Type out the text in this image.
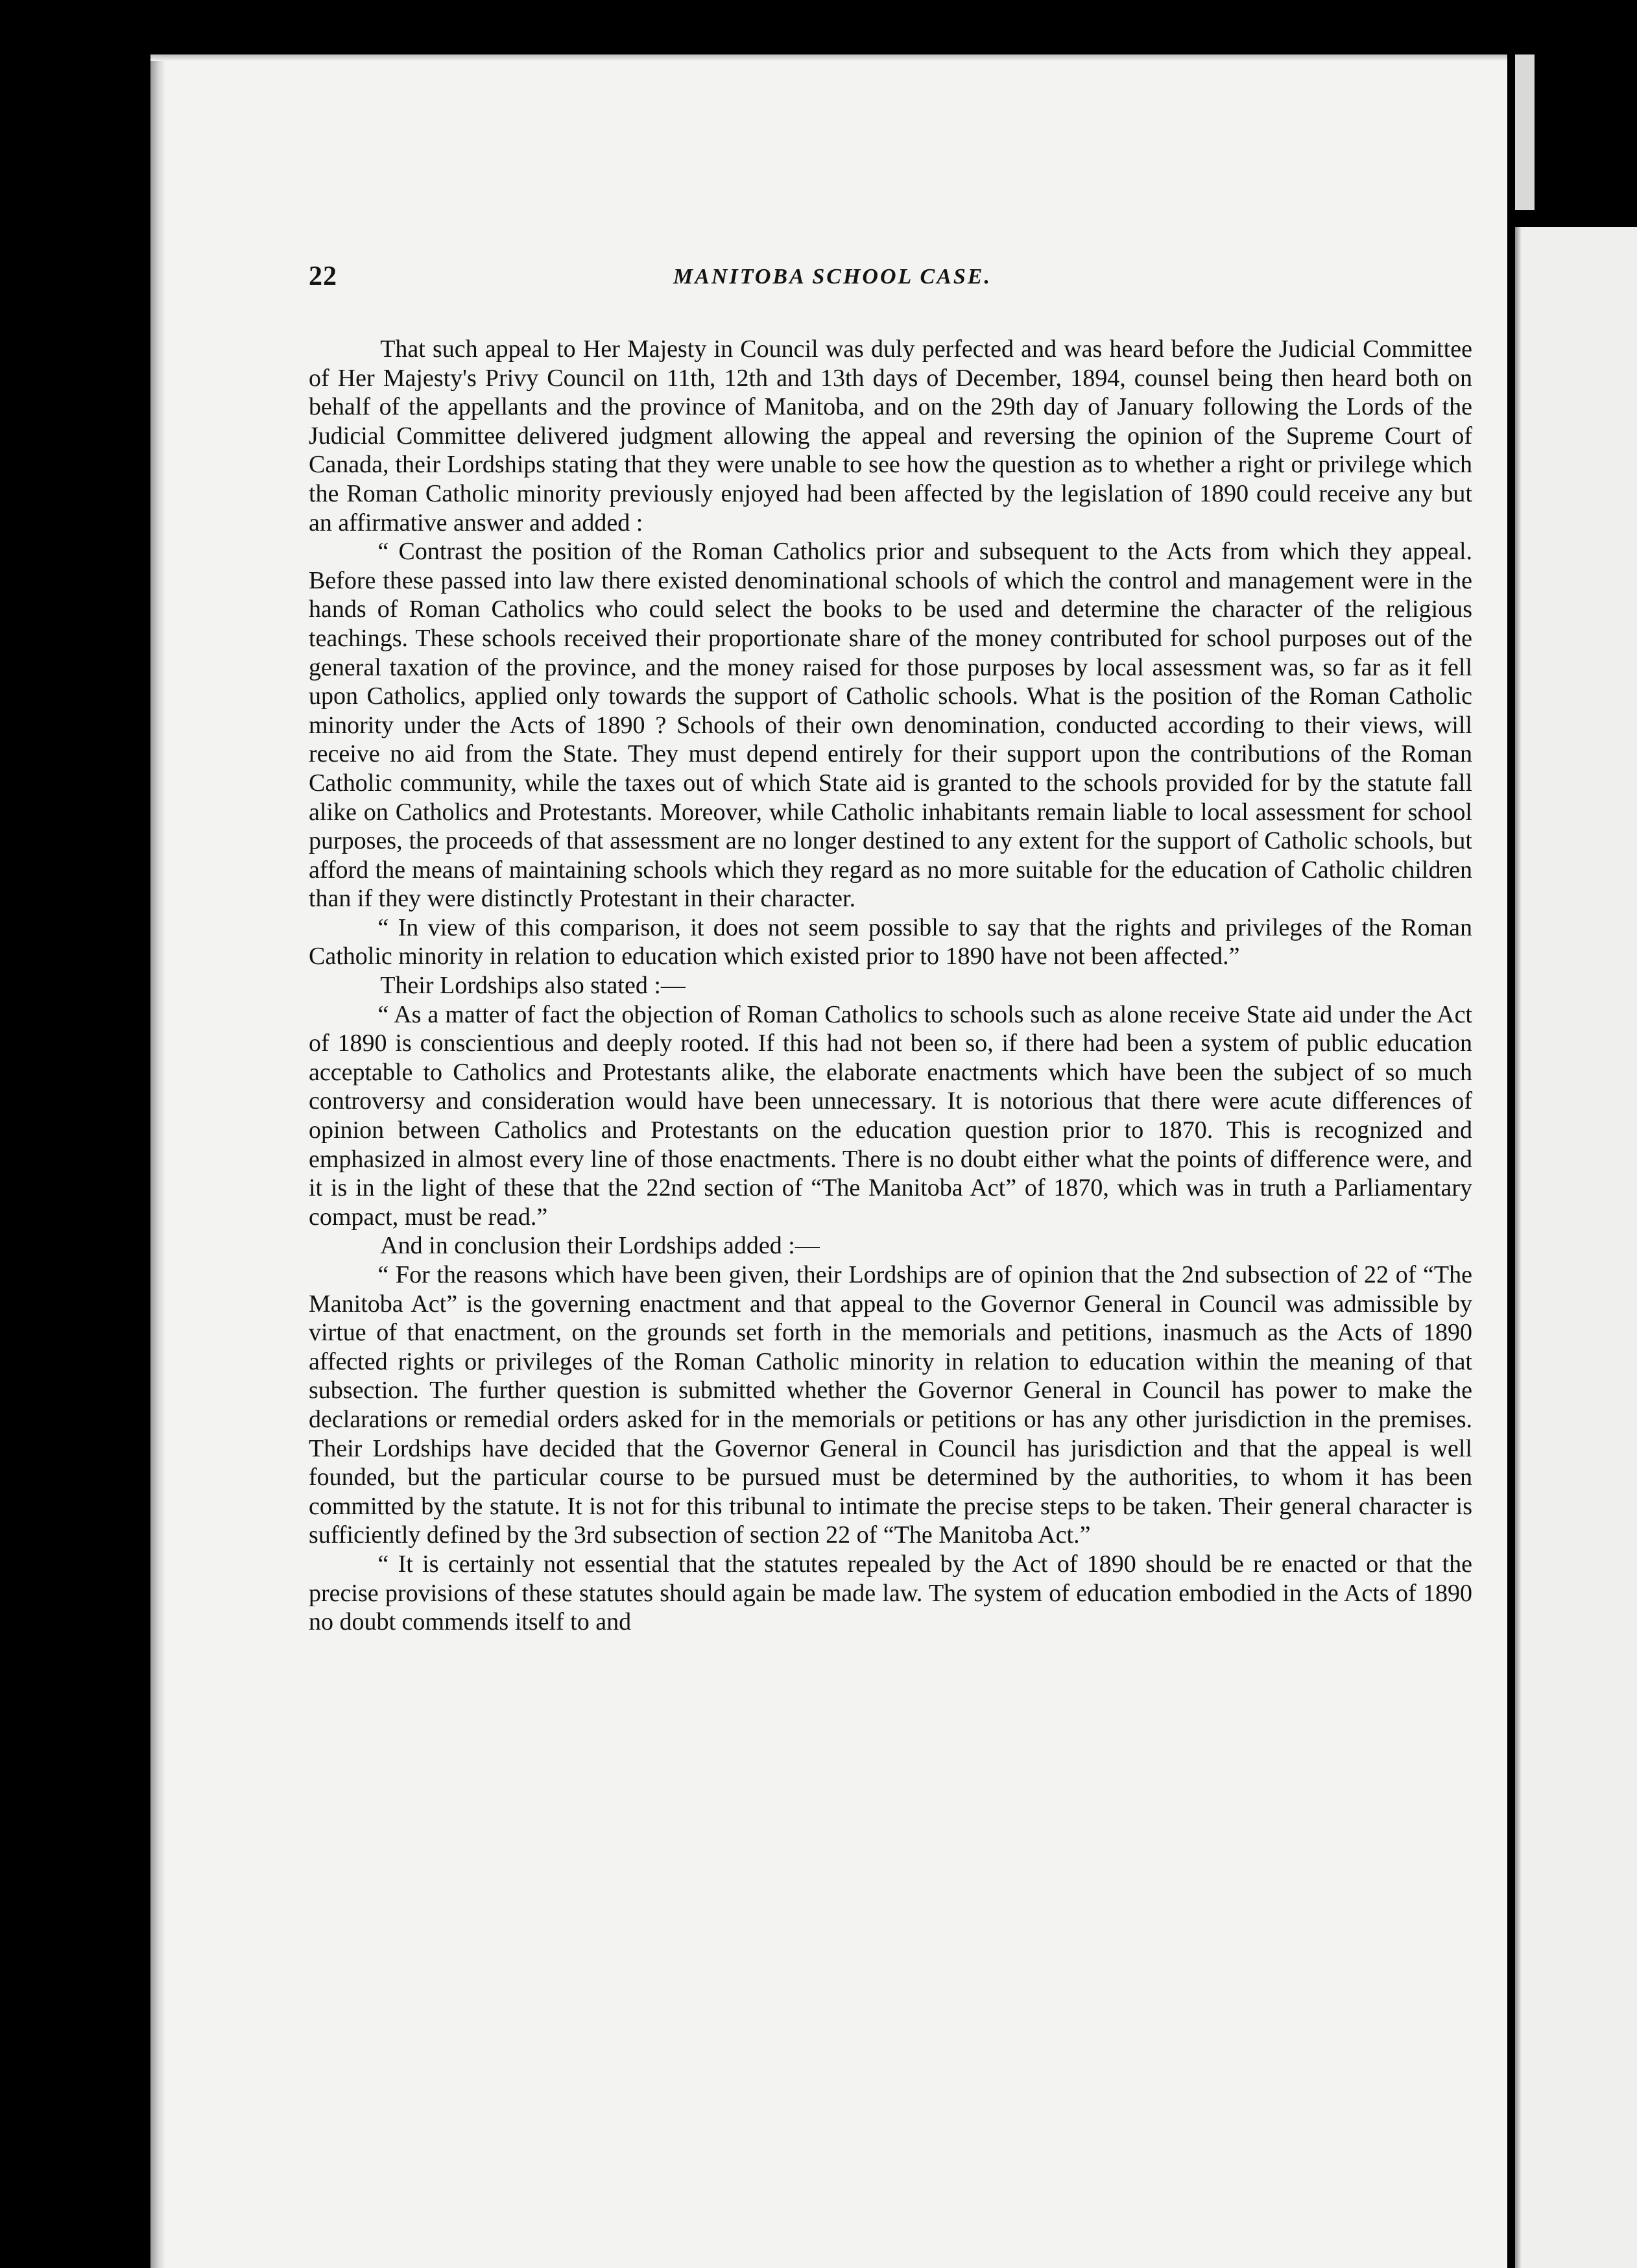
22	MANITOBA SCHOOL CASE.

That such appeal to Her Majesty in Council was duly perfected and was heard before the Judicial Committee of Her Majesty's Privy Council on 11th, 12th and 13th days of December, 1894, counsel being then heard both on behalf of the appellants and the province of Manitoba, and on the 29th day of January following the Lords of the Judicial Committee delivered judgment allowing the appeal and reversing the opinion of the Supreme Court of Canada, their Lordships stating that they were unable to see how the question as to whether a right or privilege which the Roman Catholic minority previously enjoyed had been affected by the legislation of 1890 could receive any but an affirmative answer and added :

“ Contrast the position of the Roman Catholics prior and subsequent to the Acts from which they appeal. Before these passed into law there existed denominational schools of which the control and management were in the hands of Roman Catholics who could select the books to be used and determine the character of the religious teachings. These schools received their proportionate share of the money contributed for school purposes out of the general taxation of the province, and the money raised for those purposes by local assessment was, so far as it fell upon Catholics, applied only towards the support of Catholic schools. What is the position of the Roman Catholic minority under the Acts of 1890 ? Schools of their own denomination, conducted according to their views, will receive no aid from the State. They must depend entirely for their support upon the contributions of the Roman Catholic community, while the taxes out of which State aid is granted to the schools provided for by the statute fall alike on Catholics and Protestants. Moreover, while Catholic inhabitants remain liable to local assessment for school purposes, the proceeds of that assessment are no longer destined to any extent for the support of Catholic schools, but afford the means of maintaining schools which they regard as no more suitable for the education of Catholic children than if they were distinctly Protestant in their character.

“ In view of this comparison, it does not seem possible to say that the rights and privileges of the Roman Catholic minority in relation to education which existed prior to 1890 have not been affected.”

Their Lordships also stated :—

“ As a matter of fact the objection of Roman Catholics to schools such as alone receive State aid under the Act of 1890 is conscientious and deeply rooted. If this had not been so, if there had been a system of public education acceptable to Catholics and Protestants alike, the elaborate enactments which have been the subject of so much controversy and consideration would have been unnecessary. It is notorious that there were acute differences of opinion between Catholics and Protestants on the education question prior to 1870. This is recognized and emphasized in almost every line of those enactments. There is no doubt either what the points of difference were, and it is in the light of these that the 22nd section of “The Manitoba Act” of 1870, which was in truth a Parliamentary compact, must be read.”

And in conclusion their Lordships added :—

“ For the reasons which have been given, their Lordships are of opinion that the 2nd subsection of 22 of “The Manitoba Act” is the governing enactment and that appeal to the Governor General in Council was admissible by virtue of that enactment, on the grounds set forth in the memorials and petitions, inasmuch as the Acts of 1890 affected rights or privileges of the Roman Catholic minority in relation to education within the meaning of that subsection. The further question is submitted whether the Governor General in Council has power to make the declarations or remedial orders asked for in the memorials or petitions or has any other jurisdiction in the premises. Their Lordships have decided that the Governor General in Council has jurisdiction and that the appeal is well founded, but the particular course to be pursued must be determined by the authorities, to whom it has been committed by the statute. It is not for this tribunal to intimate the precise steps to be taken. Their general character is sufficiently defined by the 3rd subsection of section 22 of “The Manitoba Act.”

“ It is certainly not essential that the statutes repealed by the Act of 1890 should be re enacted or that the precise provisions of these statutes should again be made law. The system of education embodied in the Acts of 1890 no doubt commends itself to and
